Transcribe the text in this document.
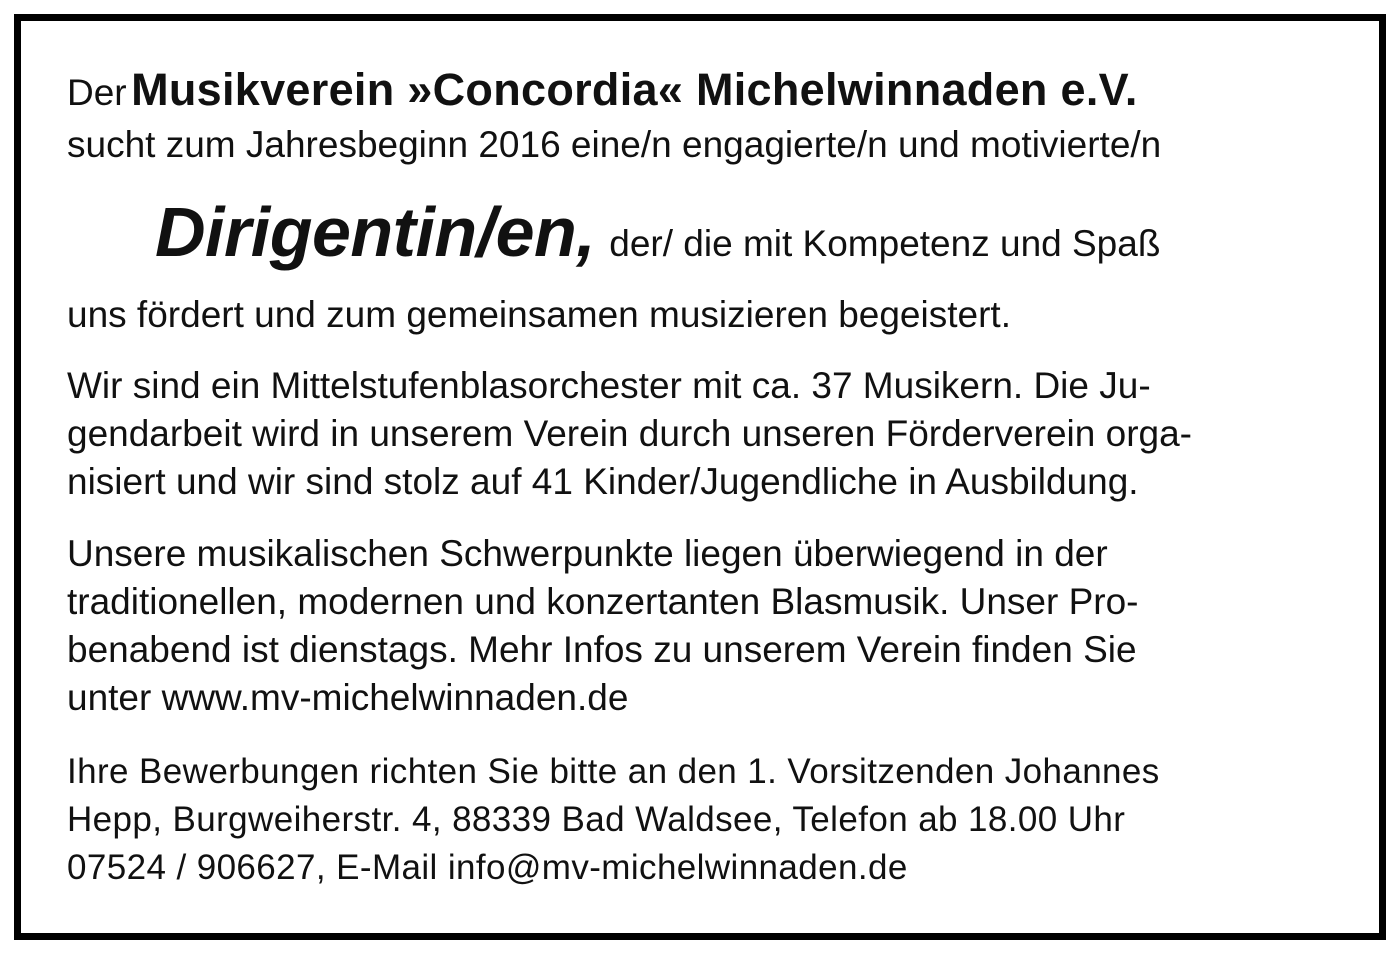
Der Musikverein »Concordia« Michelwinnaden e.V.
sucht zum Jahresbeginn 2016 eine/n engagierte/n und motivierte/n
Dirigentin/en, der/ die mit Kompetenz und Spaß
uns fördert und zum gemeinsamen musizieren begeistert.
Wir sind ein Mittelstufenblasorchester mit ca. 37 Musikern. Die Ju-
gendarbeit wird in unserem Verein durch unseren Förderverein orga-
nisiert und wir sind stolz auf 41 Kinder/Jugendliche in Ausbildung.
Unsere musikalischen Schwerpunkte liegen überwiegend in der
traditionellen, modernen und konzertanten Blasmusik. Unser Pro-
benabend ist dienstags. Mehr Infos zu unserem Verein finden Sie
unter www.mv-michelwinnaden.de
Ihre Bewerbungen richten Sie bitte an den 1. Vorsitzenden Johannes
Hepp, Burgweiherstr. 4, 88339 Bad Waldsee, Telefon ab 18.00 Uhr
07524 / 906627, E-Mail info@mv-michelwinnaden.de
